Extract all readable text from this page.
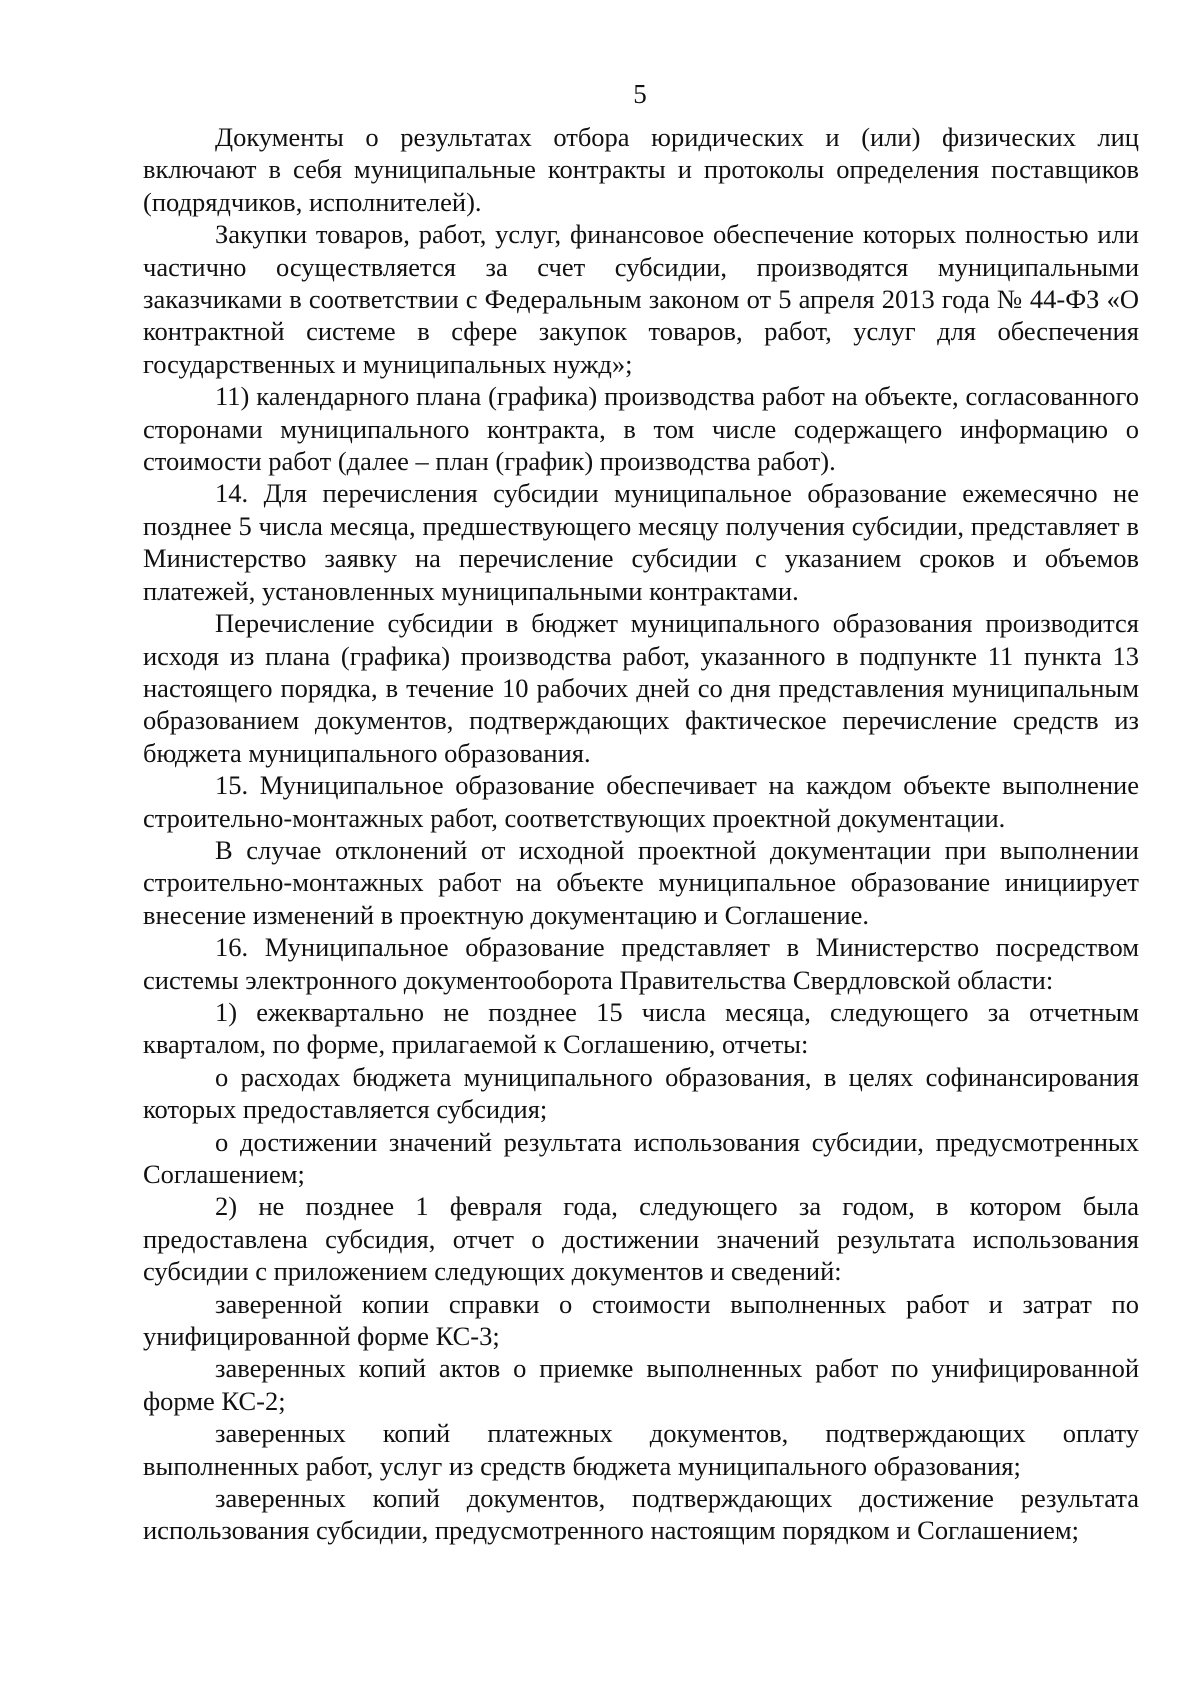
5

Документы о результатах отбора юридических и (или) физических лиц включают в себя муниципальные контракты и протоколы определения поставщиков (подрядчиков, исполнителей).

Закупки товаров, работ, услуг, финансовое обеспечение которых полностью или частично осуществляется за счет субсидии, производятся муниципальными заказчиками в соответствии с Федеральным законом от 5 апреля 2013 года № 44-ФЗ «О контрактной системе в сфере закупок товаров, работ, услуг для обеспечения государственных и муниципальных нужд»;

11) календарного плана (графика) производства работ на объекте, согласованного сторонами муниципального контракта, в том числе содержащего информацию о стоимости работ (далее – план (график) производства работ).

14. Для перечисления субсидии муниципальное образование ежемесячно не позднее 5 числа месяца, предшествующего месяцу получения субсидии, представляет в Министерство заявку на перечисление субсидии с указанием сроков и объемов платежей, установленных муниципальными контрактами.

Перечисление субсидии в бюджет муниципального образования производится исходя из плана (графика) производства работ, указанного в подпункте 11 пункта 13 настоящего порядка, в течение 10 рабочих дней со дня представления муниципальным образованием документов, подтверждающих фактическое перечисление средств из бюджета муниципального образования.

15. Муниципальное образование обеспечивает на каждом объекте выполнение строительно-монтажных работ, соответствующих проектной документации.

В случае отклонений от исходной проектной документации при выполнении строительно-монтажных работ на объекте муниципальное образование инициирует внесение изменений в проектную документацию и Соглашение.

16. Муниципальное образование представляет в Министерство посредством системы электронного документооборота Правительства Свердловской области:

1) ежеквартально не позднее 15 числа месяца, следующего за отчетным кварталом, по форме, прилагаемой к Соглашению, отчеты:

о расходах бюджета муниципального образования, в целях софинансирования которых предоставляется субсидия;

о достижении значений результата использования субсидии, предусмотренных Соглашением;

2) не позднее 1 февраля года, следующего за годом, в котором была предоставлена субсидия, отчет о достижении значений результата использования субсидии с приложением следующих документов и сведений:

заверенной копии справки о стоимости выполненных работ и затрат по унифицированной форме КС-3;

заверенных копий актов о приемке выполненных работ по унифицированной форме КС-2;

заверенных копий платежных документов, подтверждающих оплату выполненных работ, услуг из средств бюджета муниципального образования;

заверенных копий документов, подтверждающих достижение результата использования субсидии, предусмотренного настоящим порядком и Соглашением;
